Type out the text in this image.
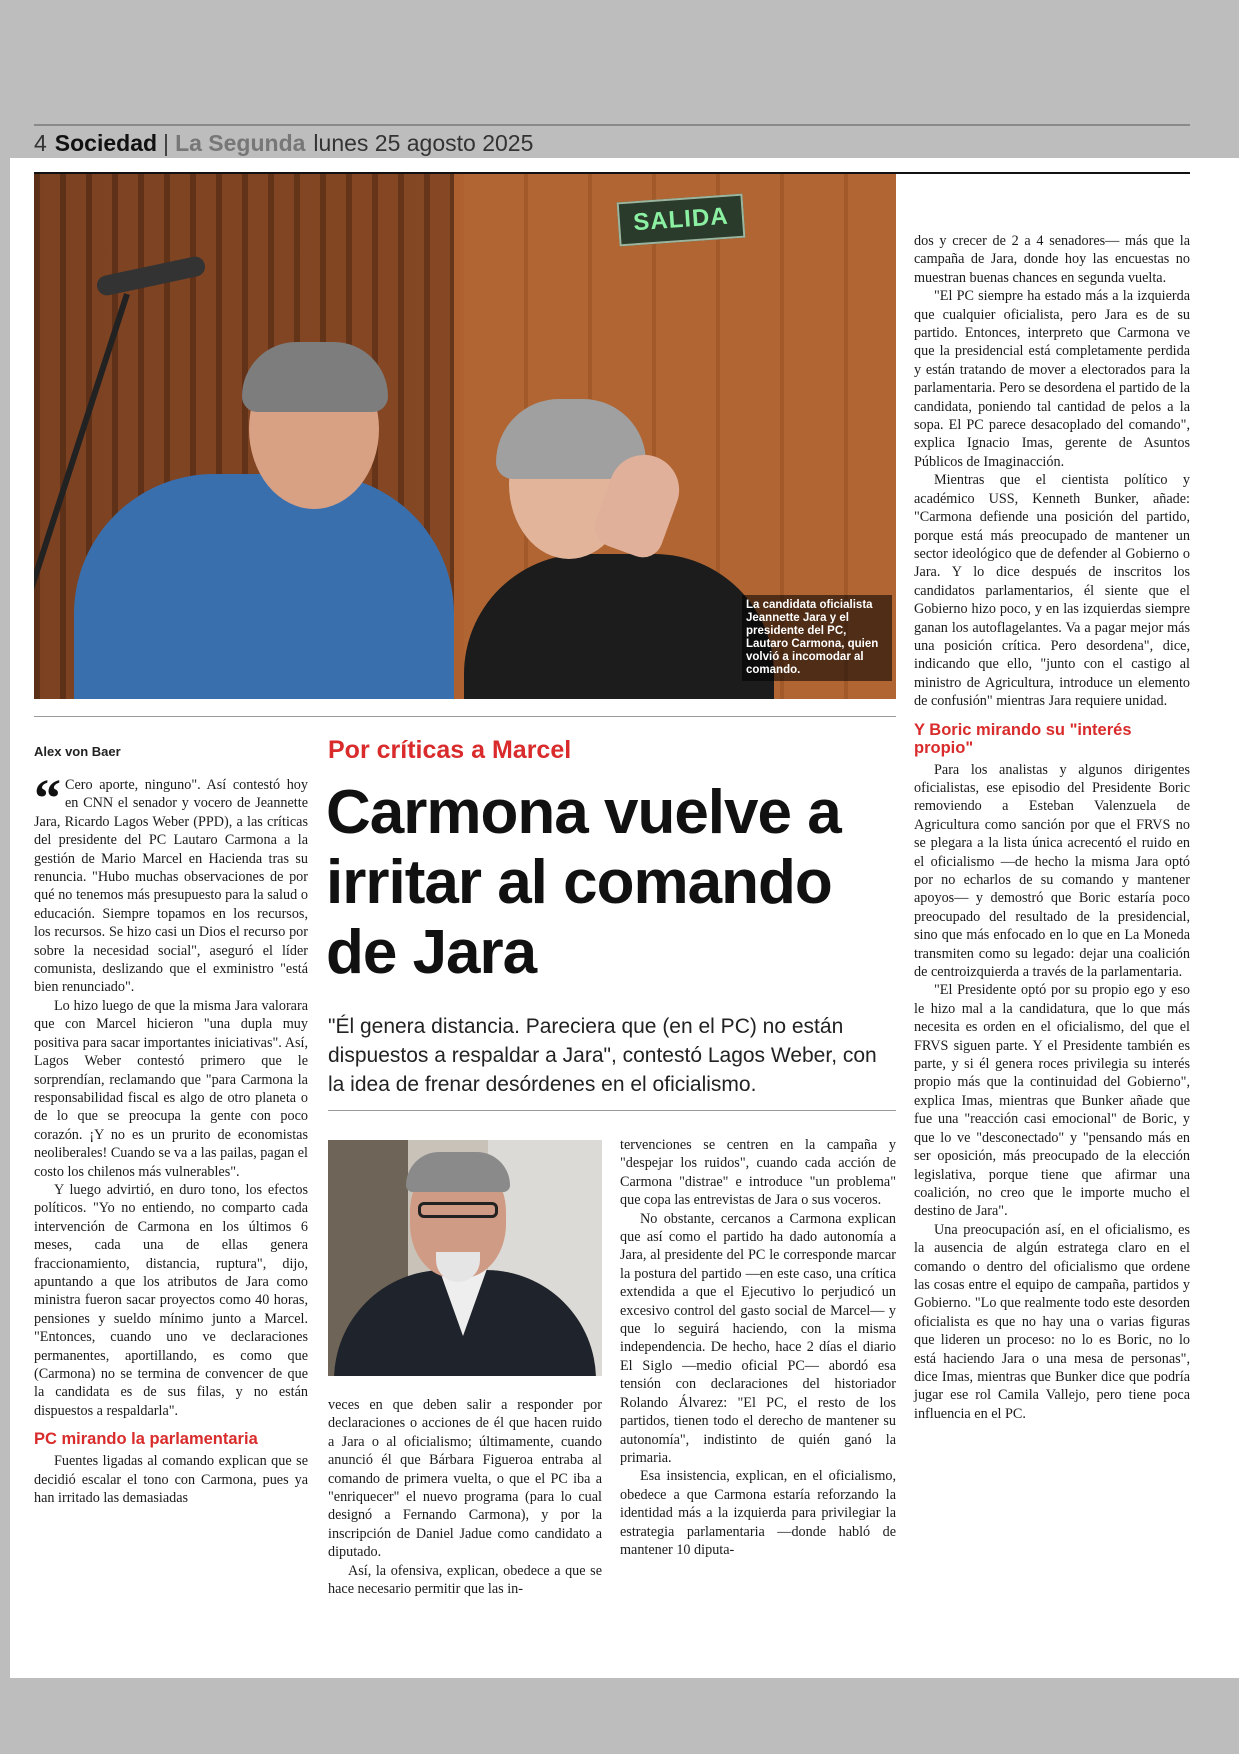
4 Sociedad La Segunda lunes 25 agosto 2025
SALIDA
La candidata oficialista Jeannette Jara y el presidente del PC, Lautaro Carmona, quien volvió a incomodar al comando.
Alex von Baer	Por críticas a Marcel
Carmona vuelve a irritar al comando de Jara
"Él genera distancia. Pareciera que (en el PC) no están dispuestos a respaldar a Jara", contestó Lagos Weber, con la idea de frenar desórdenes en el oficialismo.

“ Cero aporte, ninguno". Así contestó hoy en CNN el senador y vocero de Jeannette Jara, Ricardo Lagos Weber (PPD), a las críticas del presidente del PC Lautaro Carmona a la gestión de Mario Marcel en Hacienda tras su renuncia. "Hubo muchas observaciones de por qué no tenemos más presupuesto para la salud o educación. Siempre topamos en los recursos, los recursos. Se hizo casi un Dios el recurso por sobre la necesidad social", aseguró el líder comunista, deslizando que el exministro "está bien renunciado".

Lo hizo luego de que la misma Jara valorara que con Marcel hicieron "una dupla muy positiva para sacar importantes iniciativas". Así, Lagos Weber contestó primero que le sorprendían, reclamando que "para Carmona la responsabilidad fiscal es algo de otro planeta o de lo que se preocupa la gente con poco corazón. ¡Y no es un prurito de economistas neoliberales! Cuando se va a las pailas, pagan el costo los chilenos más vulnerables".

Y luego advirtió, en duro tono, los efectos políticos. "Yo no entiendo, no comparto cada intervención de Carmona en los últimos 6 meses, cada una de ellas genera fraccionamiento, distancia, ruptura", dijo, apuntando a que los atributos de Jara como ministra fueron sacar proyectos como 40 horas, pensiones y sueldo mínimo junto a Marcel. "Entonces, cuando uno ve declaraciones permanentes, aportillando, es como que (Carmona) no se termina de convencer de que la candidata es de sus filas, y no están dispuestos a respaldarla".

PC mirando la parlamentaria

Fuentes ligadas al comando explican que se decidió escalar el tono con Carmona, pues ya han irritado las demasiadas

veces en que deben salir a responder por declaraciones o acciones de él que hacen ruido a Jara o al oficialismo; últimamente, cuando anunció él que Bárbara Figueroa entraba al comando de primera vuelta, o que el PC iba a "enriquecer" el nuevo programa (para lo cual designó a Fernando Carmona), y por la inscripción de Daniel Jadue como candidato a diputado.

Así, la ofensiva, explican, obedece a que se hace necesario permitir que las in-

tervenciones se centren en la campaña y "despejar los ruidos", cuando cada acción de Carmona "distrae" e introduce "un problema" que copa las entrevistas de Jara o sus voceros.

No obstante, cercanos a Carmona explican que así como el partido ha dado autonomía a Jara, al presidente del PC le corresponde marcar la postura del partido —en este caso, una crítica extendida a que el Ejecutivo lo perjudicó un excesivo control del gasto social de Marcel— y que lo seguirá haciendo, con la misma independencia. De hecho, hace 2 días el diario El Siglo —medio oficial PC— abordó esa tensión con declaraciones del historiador Rolando Álvarez: "El PC, el resto de los partidos, tienen todo el derecho de mantener su autonomía", indistinto de quién ganó la primaria.

Esa insistencia, explican, en el oficialismo, obedece a que Carmona estaría reforzando la identidad más a la izquierda para privilegiar la estrategia parlamentaria —donde habló de mantener 10 diputa-

dos y crecer de 2 a 4 senadores— más que la campaña de Jara, donde hoy las encuestas no muestran buenas chances en segunda vuelta.

"El PC siempre ha estado más a la izquierda que cualquier oficialista, pero Jara es de su partido. Entonces, interpreto que Carmona ve que la presidencial está completamente perdida y están tratando de mover a electorados para la parlamentaria. Pero se desordena el partido de la candidata, poniendo tal cantidad de pelos a la sopa. El PC parece desacoplado del comando", explica Ignacio Imas, gerente de Asuntos Públicos de Imaginacción.

Mientras que el cientista político y académico USS, Kenneth Bunker, añade: "Carmona defiende una posición del partido, porque está más preocupado de mantener un sector ideológico que de defender al Gobierno o Jara. Y lo dice después de inscritos los candidatos parlamentarios, él siente que el Gobierno hizo poco, y en las izquierdas siempre ganan los autoflagelantes. Va a pagar mejor más una posición crítica. Pero desordena", dice, indicando que ello, "junto con el castigo al ministro de Agricultura, introduce un elemento de confusión" mientras Jara requiere unidad.

Y Boric mirando su "interés propio"

Para los analistas y algunos dirigentes oficialistas, ese episodio del Presidente Boric removiendo a Esteban Valenzuela de Agricultura como sanción por que el FRVS no se plegara a la lista única acrecentó el ruido en el oficialismo —de hecho la misma Jara optó por no echarlos de su comando y mantener apoyos— y demostró que Boric estaría poco preocupado del resultado de la presidencial, sino que más enfocado en lo que en La Moneda transmiten como su legado: dejar una coalición de centroizquierda a través de la parlamentaria.

"El Presidente optó por su propio ego y eso le hizo mal a la candidatura, que lo que más necesita es orden en el oficialismo, del que el FRVS siguen parte. Y el Presidente también es parte, y si él genera roces privilegia su interés propio más que la continuidad del Gobierno", explica Imas, mientras que Bunker añade que fue una "reacción casi emocional" de Boric, y que lo ve "desconectado" y "pensando más en ser oposición, más preocupado de la elección legislativa, porque tiene que afirmar una coalición, no creo que le importe mucho el destino de Jara".

Una preocupación así, en el oficialismo, es la ausencia de algún estratega claro en el comando o dentro del oficialismo que ordene las cosas entre el equipo de campaña, partidos y Gobierno. "Lo que realmente todo este desorden oficialista es que no hay una o varias figuras que lideren un proceso: no lo es Boric, no lo está haciendo Jara o una mesa de personas", dice Imas, mientras que Bunker dice que podría jugar ese rol Camila Vallejo, pero tiene poca influencia en el PC.
